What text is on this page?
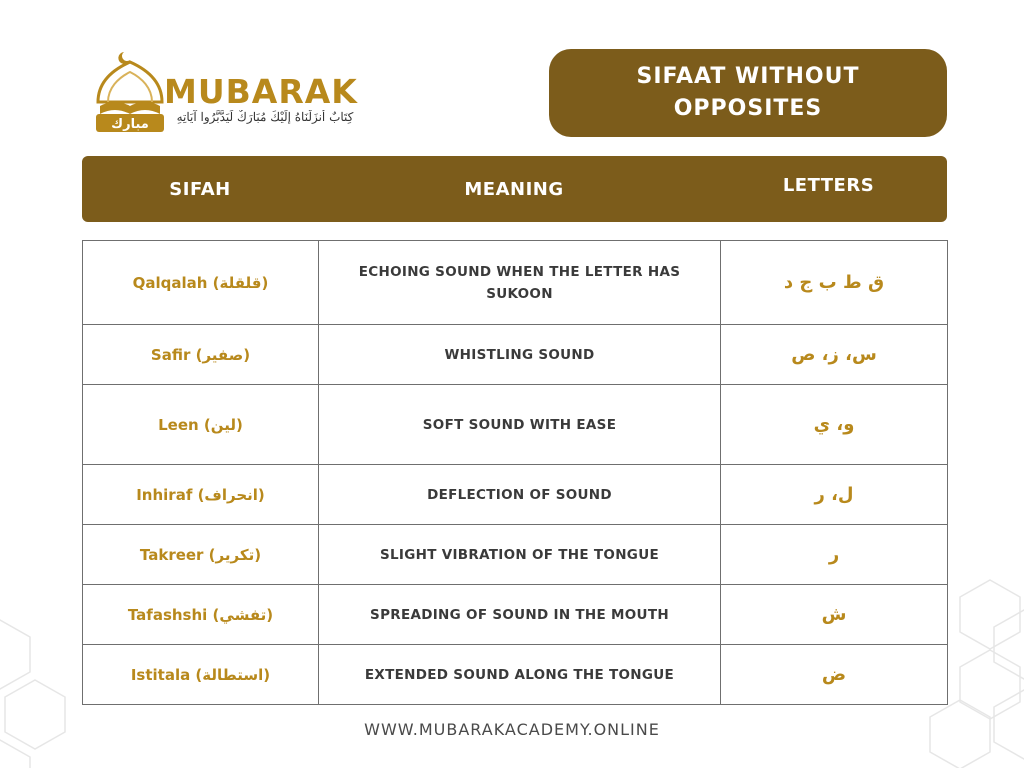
مبارك
MUBARAK
كِتَابٌ أَنزَلْنَاهُ إِلَيْكَ مُبَارَكٌ لِّيَدَّبَّرُوا آيَاتِهِ
SIFAAT WITHOUT OPPOSITES
SIFAH	MEANING	LETTERS
Qalqalah (قلقلة)	ECHOING SOUND WHEN THE LETTER HAS SUKOON	ق ط ب ج د
Safir (صفير)	WHISTLING SOUND	س، ز، ص
Leen (لين)	SOFT SOUND WITH EASE	و، ي
Inhiraf (انحراف)	DEFLECTION OF SOUND	ل، ر
Takreer (تكرير)	SLIGHT VIBRATION OF THE TONGUE	ر
Tafashshi (تفشي)	SPREADING OF SOUND IN THE MOUTH	ش
Istitala (استطالة)	EXTENDED SOUND ALONG THE TONGUE	ض
WWW.MUBARAKACADEMY.ONLINE
